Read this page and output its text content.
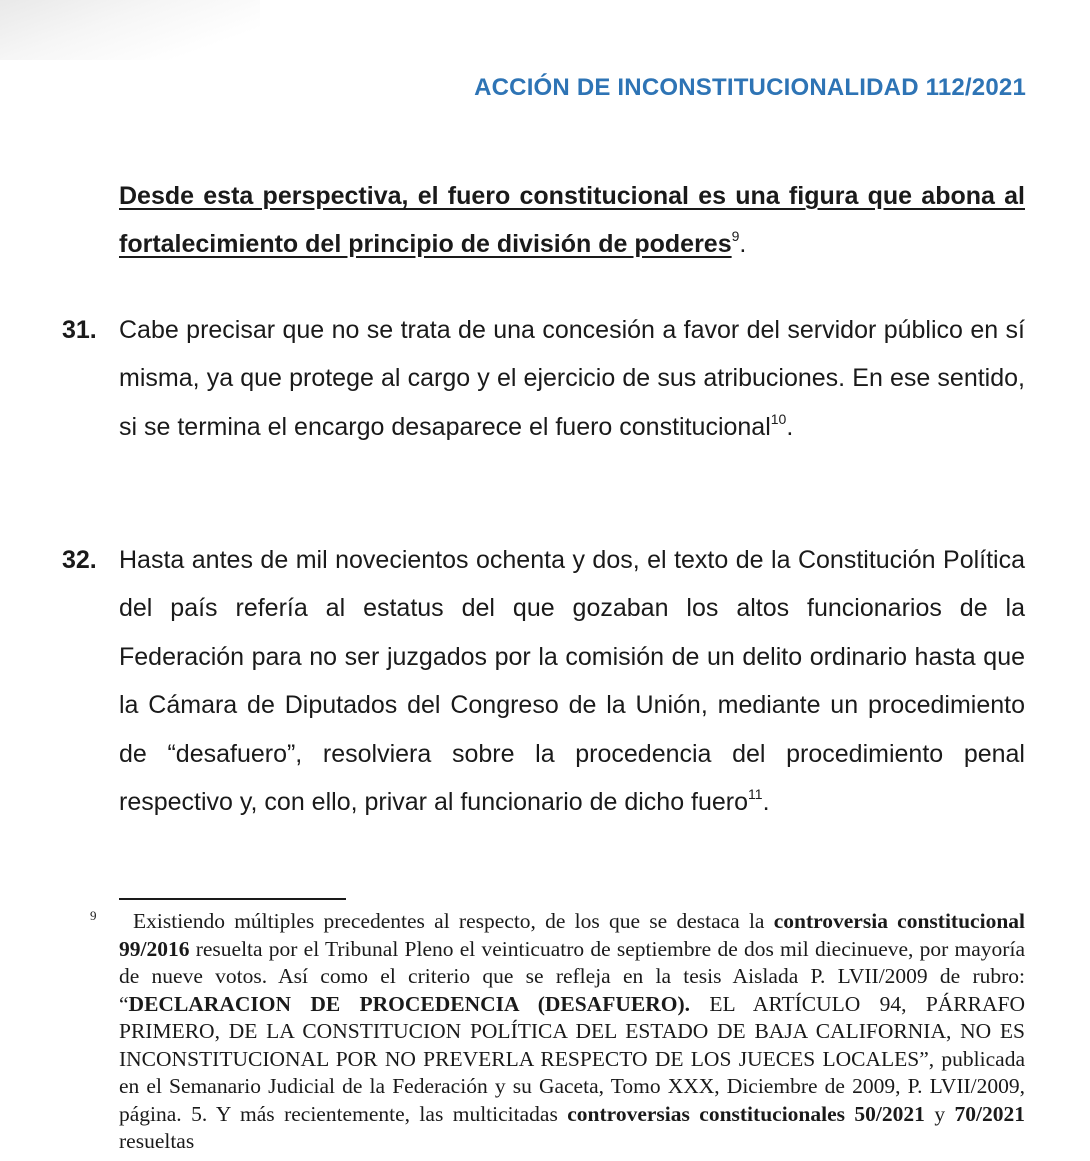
ACCIÓN DE INCONSTITUCIONALIDAD 112/2021
Desde esta perspectiva, el fuero constitucional es una figura que abona al fortalecimiento del principio de división de poderes$^9$.
31. Cabe precisar que no se trata de una concesión a favor del servidor público en sí misma, ya que protege al cargo y el ejercicio de sus atribuciones. En ese sentido, si se termina el encargo desaparece el fuero constitucional$^{10}$.
32. Hasta antes de mil novecientos ochenta y dos, el texto de la Constitución Política del país refería al estatus del que gozaban los altos funcionarios de la Federación para no ser juzgados por la comisión de un delito ordinario hasta que la Cámara de Diputados del Congreso de la Unión, mediante un procedimiento de “desafuero”, resolviera sobre la procedencia del procedimiento penal respectivo y, con ello, privar al funcionario de dicho fuero$^{11}$.
9	Existiendo múltiples precedentes al respecto, de los que se destaca la controversia constitucional 99/2016 resuelta por el Tribunal Pleno el veinticuatro de septiembre de dos mil diecinueve, por mayoría de nueve votos. Así como el criterio que se refleja en la tesis Aislada P. LVII/2009 de rubro: “DECLARACION DE PROCEDENCIA (DESAFUERO). EL ARTÍCULO 94, PÁRRAFO PRIMERO, DE LA CONSTITUCION POLÍTICA DEL ESTADO DE BAJA CALIFORNIA, NO ES INCONSTITUCIONAL POR NO PREVERLA RESPECTO DE LOS JUECES LOCALES”, publicada en el Semanario Judicial de la Federación y su Gaceta, Tomo XXX, Diciembre de 2009, P. LVII/2009, página. 5. Y más recientemente, las multicitadas controversias constitucionales 50/2021 y 70/2021 resueltas
